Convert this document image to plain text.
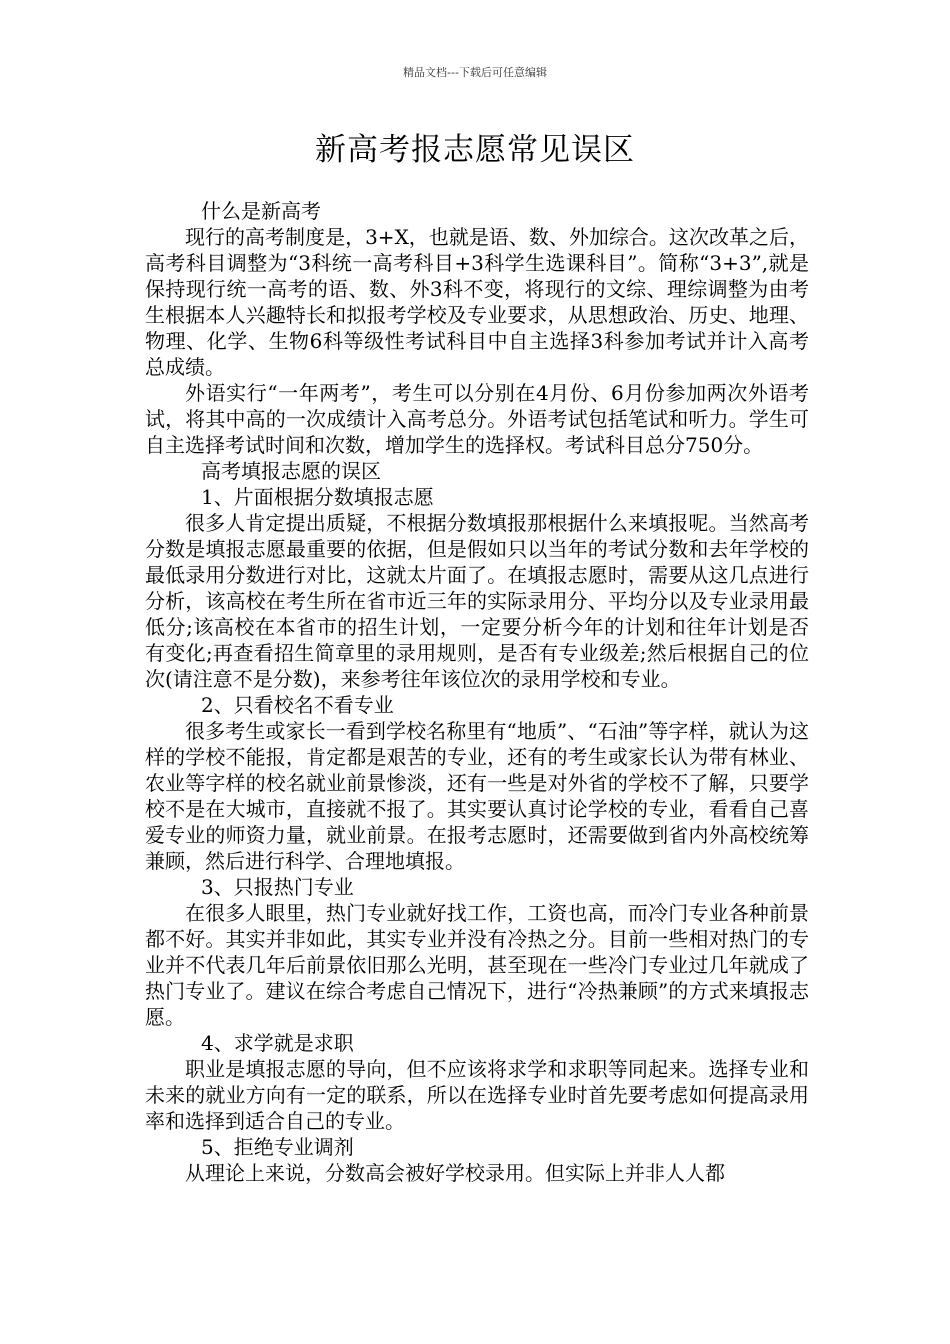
精品文档---下载后可任意编辑
新高考报志愿常见误区

什么是新高考

现行的高考制度是，3+X，也就是语、数、外加综合。这次改革之后，高考科目调整为“3科统一高考科目+3科学生选课科目”。简称“3+3”,就是保持现行统一高考的语、数、外3科不变，将现行的文综、理综调整为由考生根据本人兴趣特长和拟报考学校及专业要求，从思想政治、历史、地理、物理、化学、生物6科等级性考试科目中自主选择3科参加考试并计入高考总成绩。

外语实行“一年两考”，考生可以分别在4月份、6月份参加两次外语考试，将其中高的一次成绩计入高考总分。外语考试包括笔试和听力。学生可自主选择考试时间和次数，增加学生的选择权。考试科目总分750分。

高考填报志愿的误区

1、片面根据分数填报志愿

很多人肯定提出质疑，不根据分数填报那根据什么来填报呢。当然高考分数是填报志愿最重要的依据，但是假如只以当年的考试分数和去年学校的最低录用分数进行对比，这就太片面了。在填报志愿时，需要从这几点进行分析，该高校在考生所在省市近三年的实际录用分、平均分以及专业录用最低分;该高校在本省市的招生计划，一定要分析今年的计划和往年计划是否有变化;再查看招生简章里的录用规则，是否有专业级差;然后根据自己的位次(请注意不是分数)，来参考往年该位次的录用学校和专业。

2、只看校名不看专业

很多考生或家长一看到学校名称里有“地质”、“石油”等字样，就认为这样的学校不能报，肯定都是艰苦的专业，还有的考生或家长认为带有林业、农业等字样的校名就业前景惨淡，还有一些是对外省的学校不了解，只要学校不是在大城市，直接就不报了。其实要认真讨论学校的专业，看看自己喜爱专业的师资力量，就业前景。在报考志愿时，还需要做到省内外高校统筹兼顾，然后进行科学、合理地填报。

3、只报热门专业

在很多人眼里，热门专业就好找工作，工资也高，而冷门专业各种前景都不好。其实并非如此，其实专业并没有冷热之分。目前一些相对热门的专业并不代表几年后前景依旧那么光明，甚至现在一些冷门专业过几年就成了热门专业了。建议在综合考虑自己情况下，进行“冷热兼顾”的方式来填报志愿。

4、求学就是求职

职业是填报志愿的导向，但不应该将求学和求职等同起来。选择专业和未来的就业方向有一定的联系，所以在选择专业时首先要考虑如何提高录用率和选择到适合自己的专业。

5、拒绝专业调剂

从理论上来说，分数高会被好学校录用。但实际上并非人人都
